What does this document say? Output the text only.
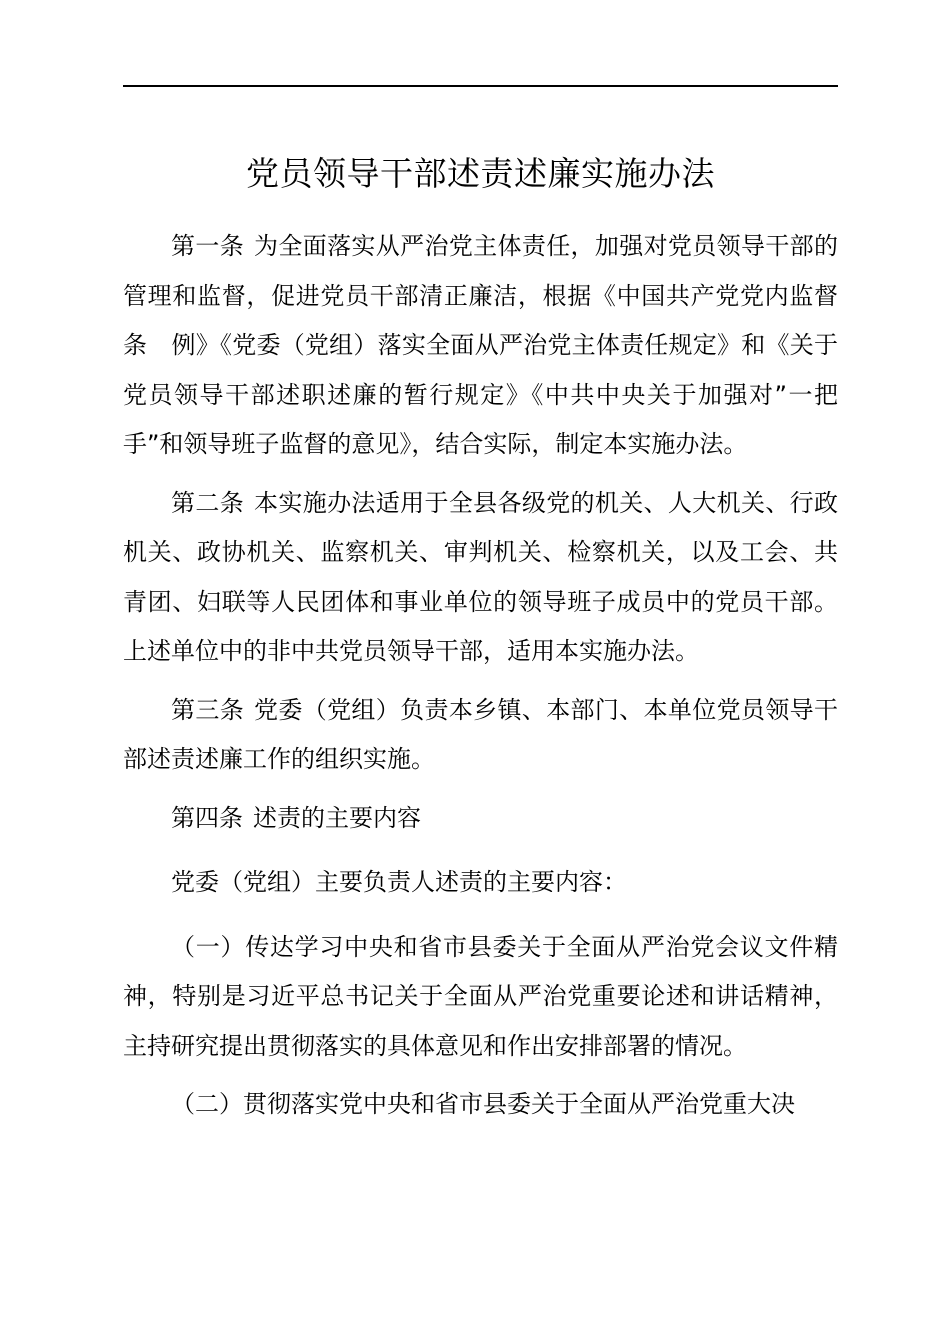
党员领导干部述责述廉实施办法

第一条 为全面落实从严治党主体责任，加强对党员领导干部的管理和监督，促进党员干部清正廉洁，根据《中国共产党党内监督条　例》《党委（党组）落实全面从严治党主体责任规定》和《关于党员领导干部述职述廉的暂行规定》《中共中央关于加强对”一把手”和领导班子监督的意见》，结合实际，制定本实施办法。

第二条 本实施办法适用于全县各级党的机关、人大机关、行政机关、政协机关、监察机关、审判机关、检察机关，以及工会、共青团、妇联等人民团体和事业单位的领导班子成员中的党员干部。上述单位中的非中共党员领导干部，适用本实施办法。

第三条 党委（党组）负责本乡镇、本部门、本单位党员领导干部述责述廉工作的组织实施。

第四条 述责的主要内容

党委（党组）主要负责人述责的主要内容：

（一）传达学习中央和省市县委关于全面从严治党会议文件精神，特别是习近平总书记关于全面从严治党重要论述和讲话精神，主持研究提出贯彻落实的具体意见和作出安排部署的情况。

（二）贯彻落实党中央和省市县委关于全面从严治党重大决
